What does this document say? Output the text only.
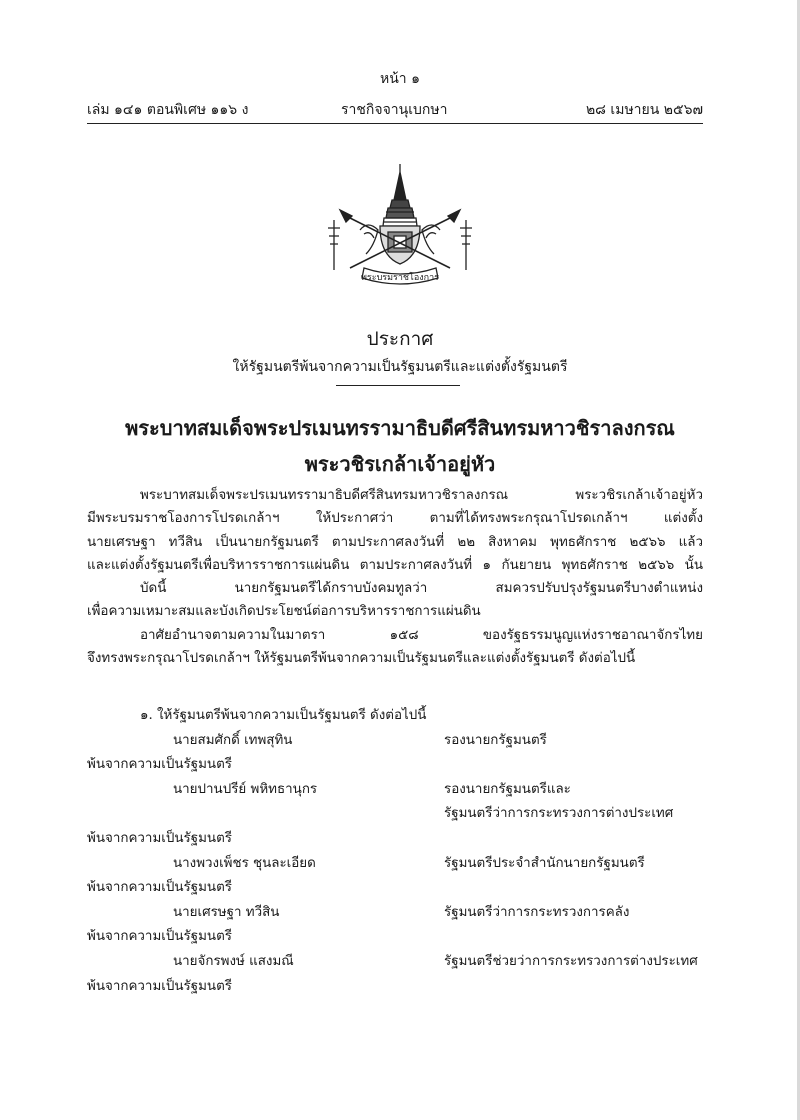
หน้า ๑
เล่ม ๑๔๑ ตอนพิเศษ ๑๑๖ ง	ราชกิจจานุเบกษา	๒๘ เมษายน ๒๕๖๗
พระบรมราชโองการ
ประกาศ
ให้รัฐมนตรีพ้นจากความเป็นรัฐมนตรีและแต่งตั้งรัฐมนตรี
พระบาทสมเด็จพระปรเมนทรรามาธิบดีศรีสินทรมหาวชิราลงกรณ
พระวชิรเกล้าเจ้าอยู่หัว

พระบาทสมเด็จพระปรเมนทรรามาธิบดีศรีสินทรมหาวชิราลงกรณ พระวชิรเกล้าเจ้าอยู่หัว

มีพระบรมราชโองการโปรดเกล้าฯ ให้ประกาศว่า ตามที่ได้ทรงพระกรุณาโปรดเกล้าฯ แต่งตั้ง

นายเศรษฐา ทวีสิน เป็นนายกรัฐมนตรี ตามประกาศลงวันที่ ๒๒ สิงหาคม พุทธศักราช ๒๕๖๖ แล้ว

และแต่งตั้งรัฐมนตรีเพื่อบริหารราชการแผ่นดิน ตามประกาศลงวันที่ ๑ กันยายน พุทธศักราช ๒๕๖๖ นั้น

บัดนี้ นายกรัฐมนตรีได้กราบบังคมทูลว่า สมควรปรับปรุงรัฐมนตรีบางตำแหน่ง

เพื่อความเหมาะสมและบังเกิดประโยชน์ต่อการบริหารราชการแผ่นดิน

อาศัยอำนาจตามความในมาตรา ๑๕๘ ของรัฐธรรมนูญแห่งราชอาณาจักรไทย

จึงทรงพระกรุณาโปรดเกล้าฯ ให้รัฐมนตรีพ้นจากความเป็นรัฐมนตรีและแต่งตั้งรัฐมนตรี ดังต่อไปนี้

๑. ให้รัฐมนตรีพ้นจากความเป็นรัฐมนตรี ดังต่อไปนี้
นายสมศักดิ์ เทพสุทิน	รองนายกรัฐมนตรี
พ้นจากความเป็นรัฐมนตรี
นายปานปรีย์ พหิทธานุกร	รองนายกรัฐมนตรีและ
รัฐมนตรีว่าการกระทรวงการต่างประเทศ
พ้นจากความเป็นรัฐมนตรี
นางพวงเพ็ชร ชุนละเอียด	รัฐมนตรีประจำสำนักนายกรัฐมนตรี
พ้นจากความเป็นรัฐมนตรี
นายเศรษฐา ทวีสิน	รัฐมนตรีว่าการกระทรวงการคลัง
พ้นจากความเป็นรัฐมนตรี
นายจักรพงษ์ แสงมณี	รัฐมนตรีช่วยว่าการกระทรวงการต่างประเทศ
พ้นจากความเป็นรัฐมนตรี
